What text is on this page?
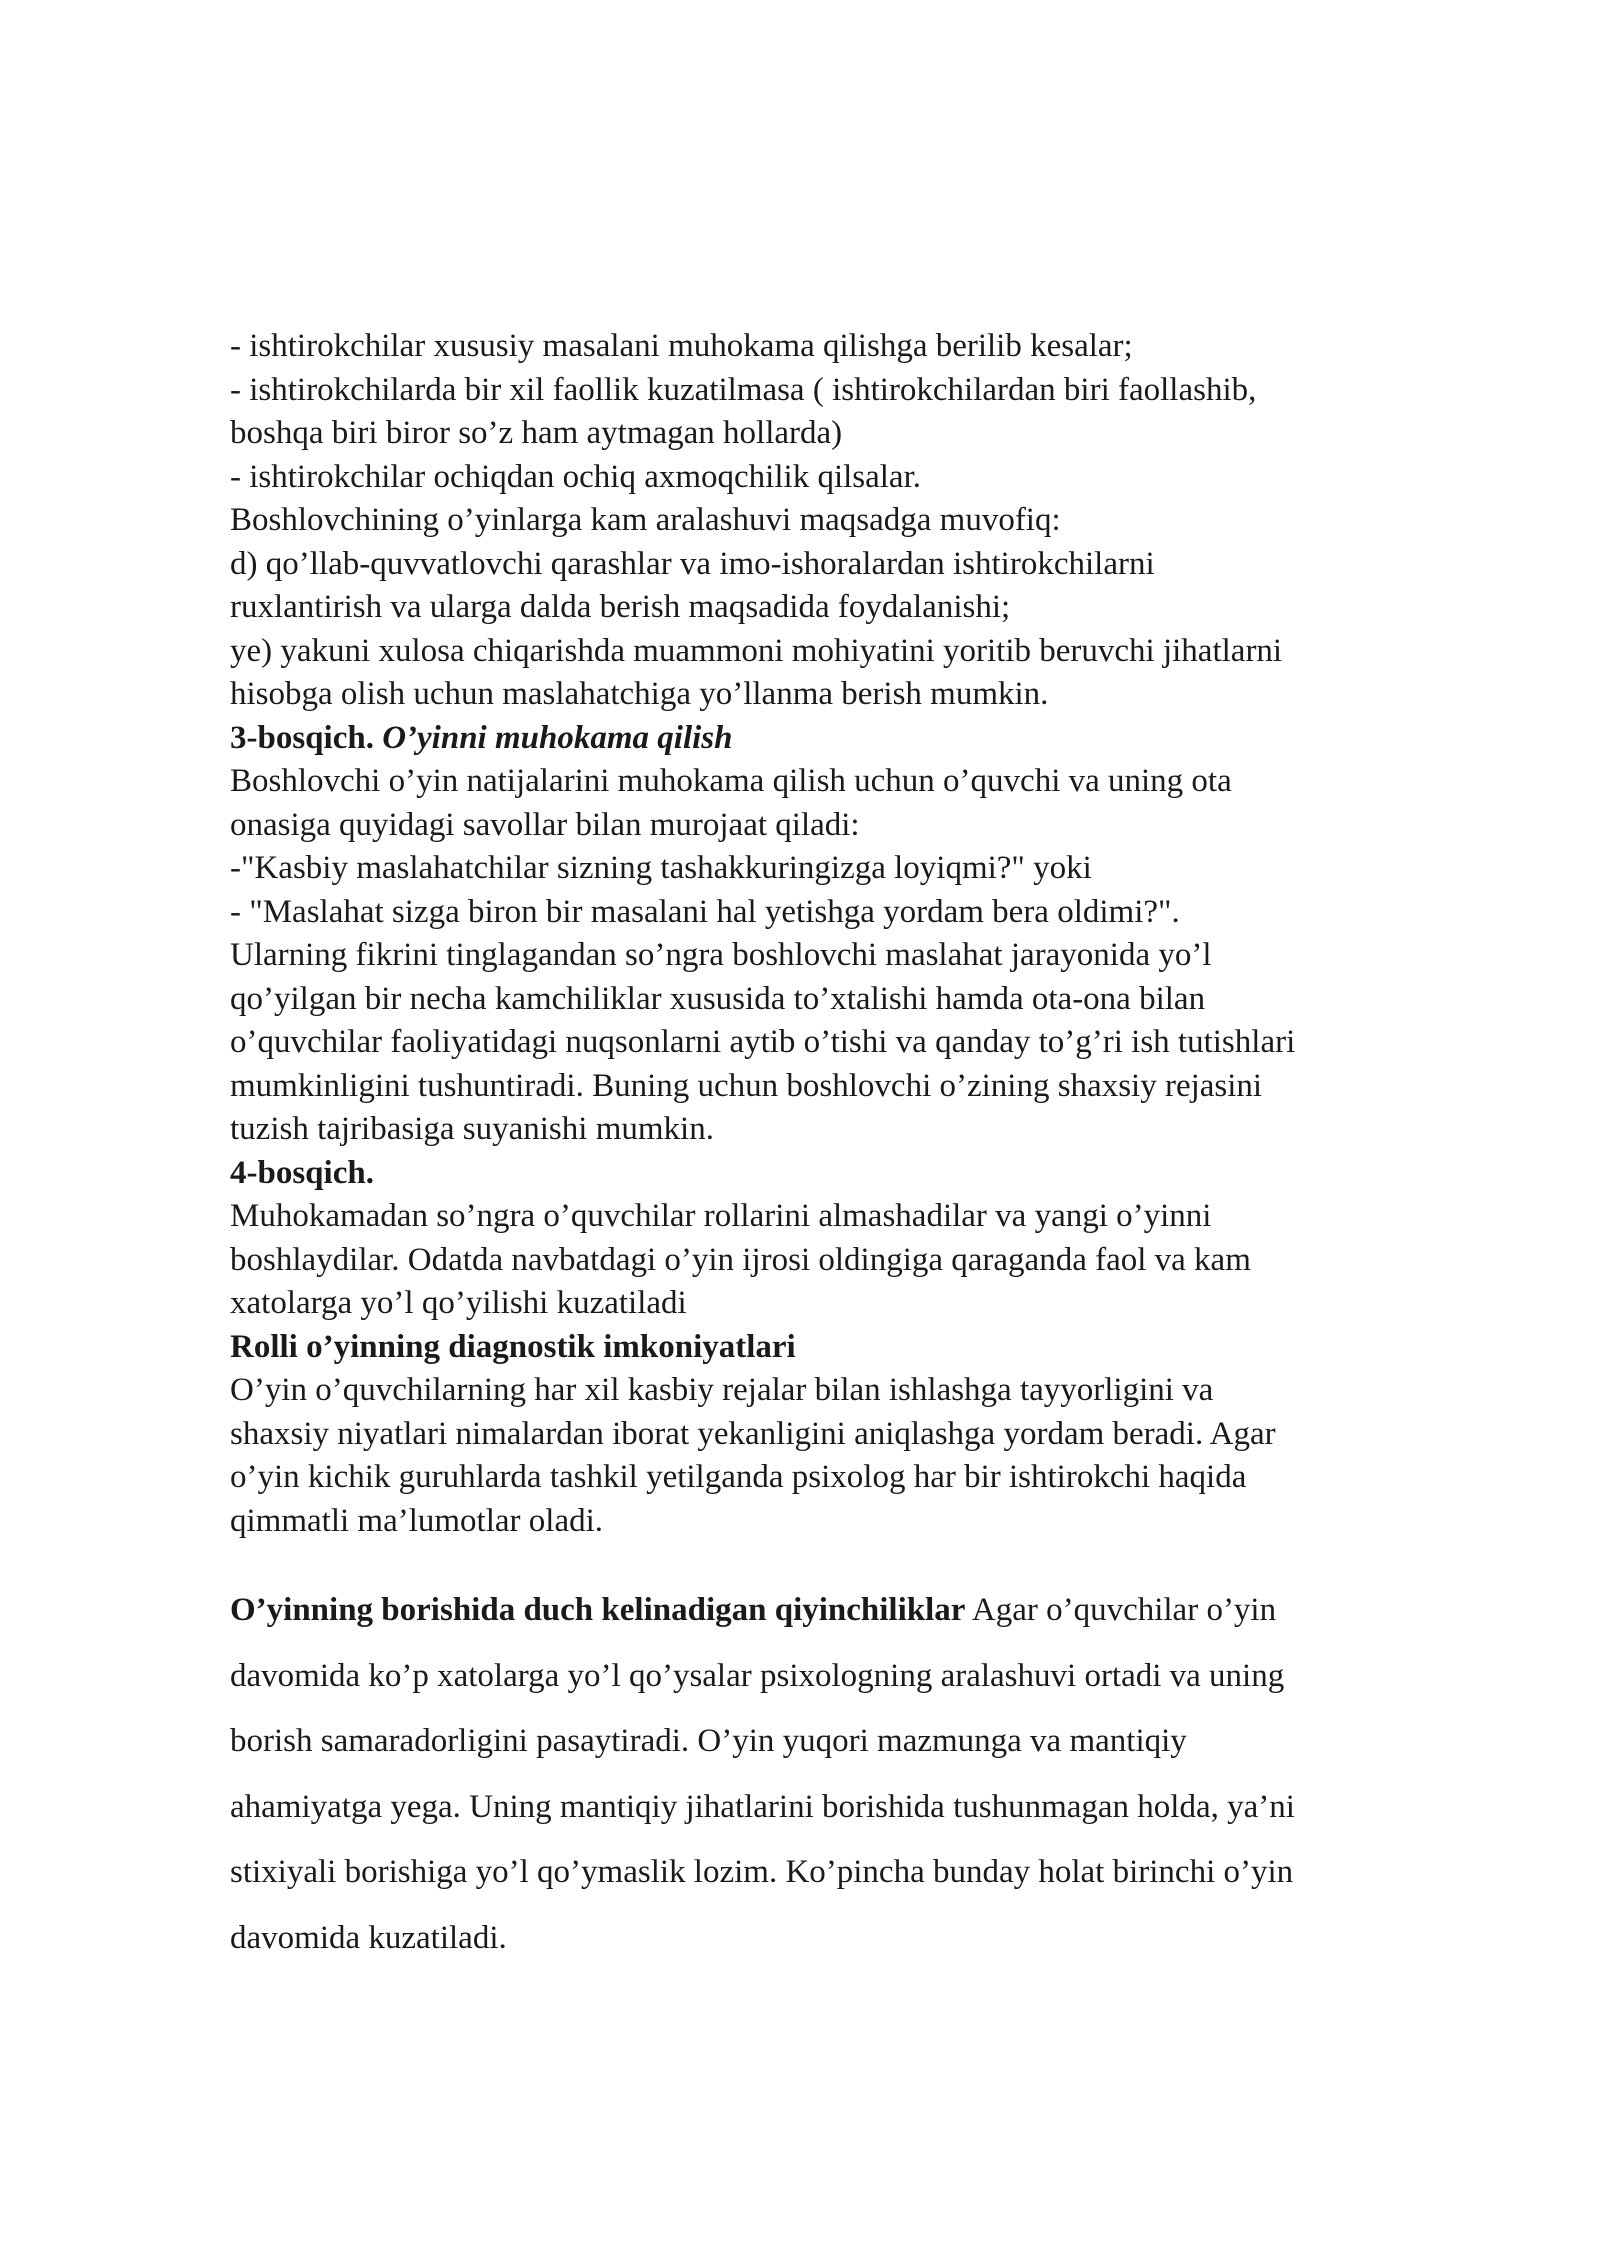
- ishtirokchilar xususiy masalani muhokama qilishga berilib kesalar;
- ishtirokchilarda bir xil faollik kuzatilmasa ( ishtirokchilardan biri faollashib,
boshqa biri biror so’z ham aytmagan hollarda)
- ishtirokchilar ochiqdan ochiq axmoqchilik qilsalar.
Boshlovchining o’yinlarga kam aralashuvi maqsadga muvofiq:
d) qo’llab-quvvatlovchi qarashlar va imo-ishoralardan ishtirokchilarni
ruxlantirish va ularga dalda berish maqsadida foydalanishi;
ye) yakuni xulosa chiqarishda muammoni mohiyatini yoritib beruvchi jihatlarni
hisobga olish uchun maslahatchiga yo’llanma berish mumkin.
3-bosqich. O’yinni muhokama qilish
Boshlovchi o’yin natijalarini muhokama qilish uchun o’quvchi va uning ota
onasiga quyidagi savollar bilan murojaat qiladi:
-"Kasbiy maslahatchilar sizning tashakkuringizga loyiqmi?" yoki
- "Maslahat sizga biron bir masalani hal yetishga yordam bera oldimi?".
Ularning fikrini tinglagandan so’ngra boshlovchi maslahat jarayonida yo’l
qo’yilgan bir necha kamchiliklar xususida to’xtalishi hamda ota-ona bilan
o’quvchilar faoliyatidagi nuqsonlarni aytib o’tishi va qanday to’g’ri ish tutishlari
mumkinligini tushuntiradi. Buning uchun boshlovchi o’zining shaxsiy rejasini
tuzish tajribasiga suyanishi mumkin.
4-bosqich.
Muhokamadan so’ngra o’quvchilar rollarini almashadilar va yangi o’yinni
boshlaydilar. Odatda navbatdagi o’yin ijrosi oldingiga qaraganda faol va kam
xatolarga yo’l qo’yilishi kuzatiladi
Rolli o’yinning diagnostik imkoniyatlari
O’yin o’quvchilarning har xil kasbiy rejalar bilan ishlashga tayyorligini va
shaxsiy niyatlari nimalardan iborat yekanligini aniqlashga yordam beradi. Agar
o’yin kichik guruhlarda tashkil yetilganda psixolog har bir ishtirokchi haqida
qimmatli ma’lumotlar oladi.
O’yinning borishida duch kelinadigan qiyinchiliklar Agar o’quvchilar o’yin
davomida ko’p xatolarga yo’l qo’ysalar psixologning aralashuvi ortadi va uning
borish samaradorligini pasaytiradi. O’yin yuqori mazmunga va mantiqiy
ahamiyatga yega. Uning mantiqiy jihatlarini borishida tushunmagan holda, ya’ni
stixiyali borishiga yo’l qo’ymaslik lozim. Ko’pincha bunday holat birinchi o’yin
davomida kuzatiladi.
